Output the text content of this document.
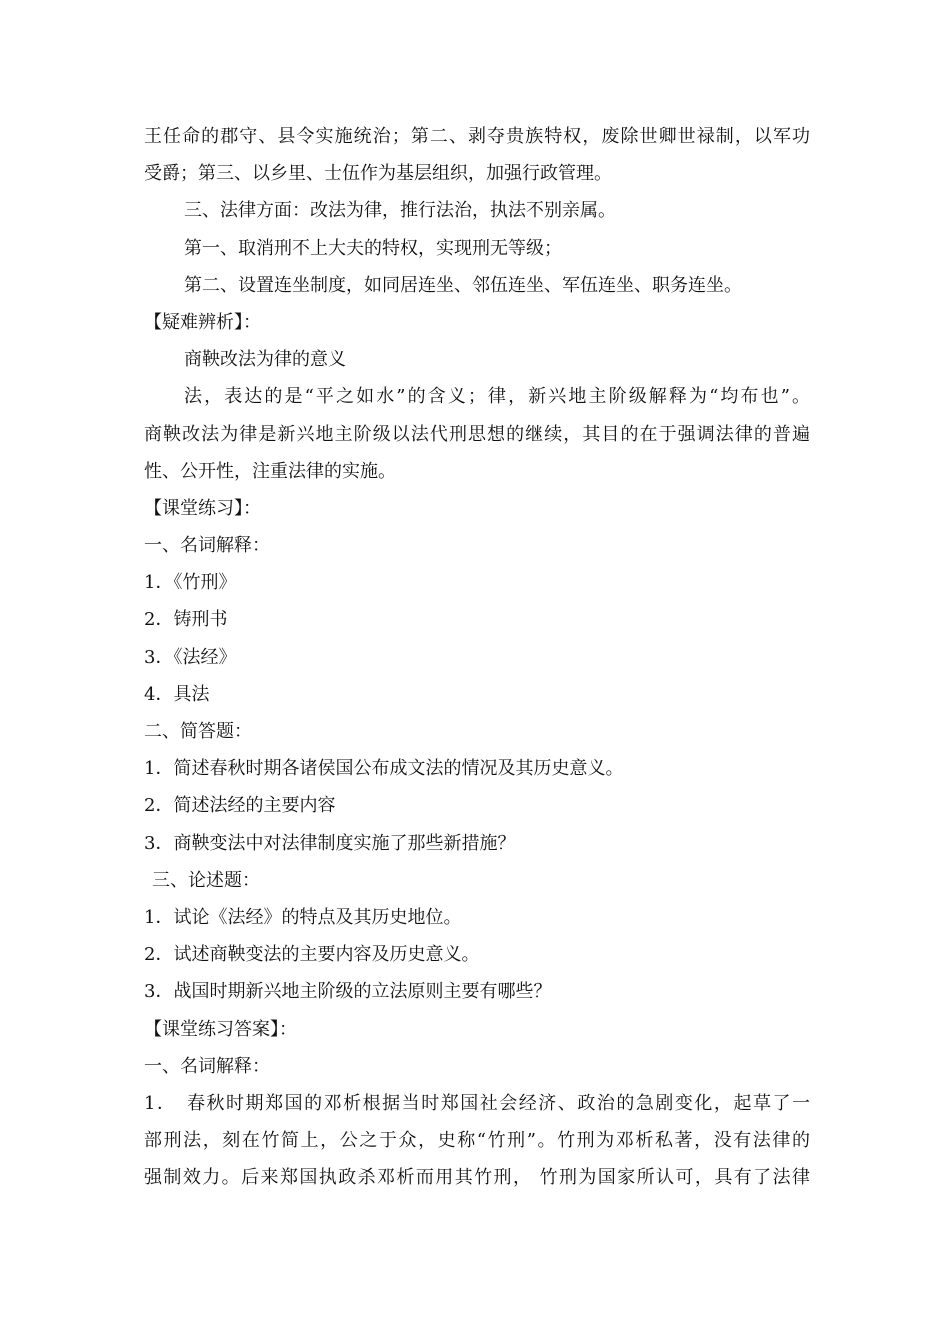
王任命的郡守、县令实施统治；第二、剥夺贵族特权，废除世卿世禄制，以军功
受爵；第三、以乡里、士伍作为基层组织，加强行政管理。
三、法律方面：改法为律，推行法治，执法不别亲属。
第一、取消刑不上大夫的特权，实现刑无等级；
第二、设置连坐制度，如同居连坐、邻伍连坐、军伍连坐、职务连坐。
【疑难辨析】：
商鞅改法为律的意义
法，表达的是“平之如水”的含义；律，新兴地主阶级解释为“均布也”。
商鞅改法为律是新兴地主阶级以法代刑思想的继续，其目的在于强调法律的普遍
性、公开性，注重法律的实施。
【课堂练习】：
一、名词解释：
1．《竹刑》
2．铸刑书
3．《法经》
4．具法
二、简答题：
1．简述春秋时期各诸侯国公布成文法的情况及其历史意义。
2．简述法经的主要内容
3．商鞅变法中对法律制度实施了那些新措施？
三、论述题：
1．试论《法经》的特点及其历史地位。
2．试述商鞅变法的主要内容及历史意义。
3．战国时期新兴地主阶级的立法原则主要有哪些？
【课堂练习答案】：
一、名词解释：
1．　春秋时期郑国的邓析根据当时郑国社会经济、政治的急剧变化，起草了一
部刑法，刻在竹简上，公之于众，史称“竹刑”。竹刑为邓析私著，没有法律的
强制效力。后来郑国执政杀邓析而用其竹刑， 竹刑为国家所认可，具有了法律
